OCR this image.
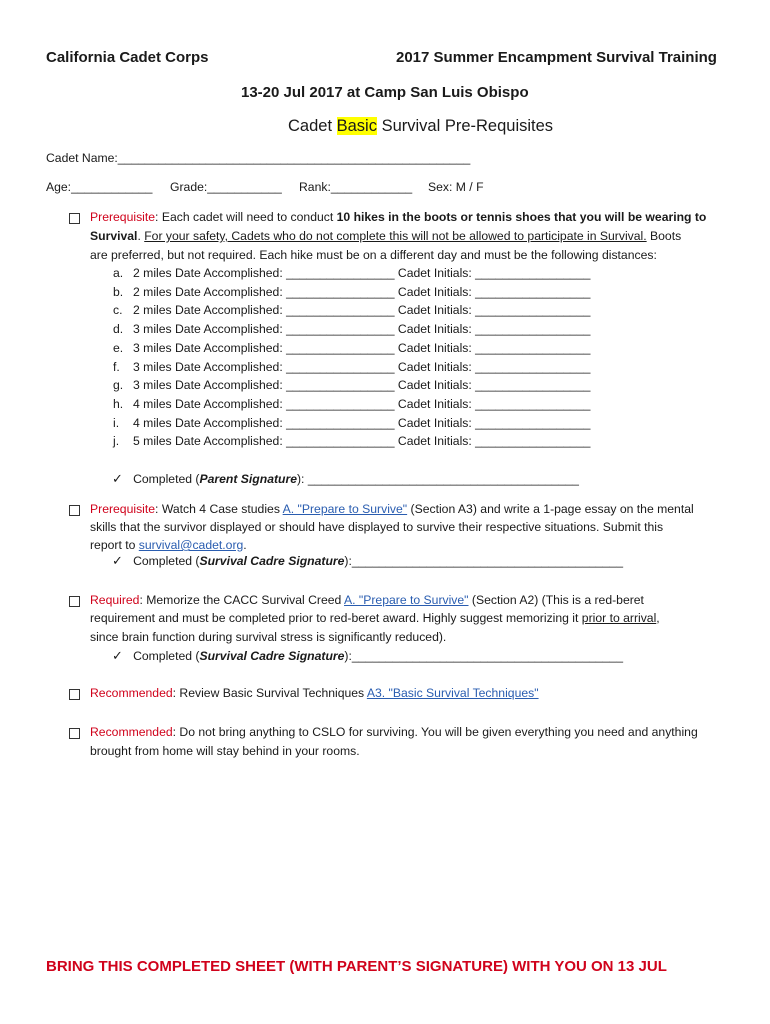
California Cadet Corps	2017 Summer Encampment Survival Training
13-20 Jul 2017 at Camp San Luis Obispo
Cadet Basic Survival Pre-Requisites
Cadet Name:____________________________________________________
Age:____________ Grade:___________ Rank:____________ Sex: M / F
Prerequisite: Each cadet will need to conduct 10 hikes in the boots or tennis shoes that you will be wearing to
Survival. For your safety, Cadets who do not complete this will not be allowed to participate in Survival. Boots
are preferred, but not required. Each hike must be on a different day and must be the following distances:
a. 2 miles Date Accomplished: ________________ Cadet Initials: _________________
b. 2 miles Date Accomplished: ________________ Cadet Initials: _________________
c. 2 miles Date Accomplished: ________________ Cadet Initials: _________________
d. 3 miles Date Accomplished: ________________ Cadet Initials: _________________
e. 3 miles Date Accomplished: ________________ Cadet Initials: _________________
f. 3 miles Date Accomplished: ________________ Cadet Initials: _________________
g. 3 miles Date Accomplished: ________________ Cadet Initials: _________________
h. 4 miles Date Accomplished: ________________ Cadet Initials: _________________
i. 4 miles Date Accomplished: ________________ Cadet Initials: _________________
j. 5 miles Date Accomplished: ________________ Cadet Initials: _________________
✓ Completed (Parent Signature): ________________________________________
Prerequisite: Watch 4 Case studies A. "Prepare to Survive" (Section A3) and write a 1-page essay on the mental
skills that the survivor displayed or should have displayed to survive their respective situations. Submit this
report to survival@cadet.org.
✓ Completed (Survival Cadre Signature):________________________________________
Required: Memorize the CACC Survival Creed A. "Prepare to Survive" (Section A2) (This is a red-beret
requirement and must be completed prior to red-beret award. Highly suggest memorizing it prior to arrival,
since brain function during survival stress is significantly reduced).
✓ Completed (Survival Cadre Signature):________________________________________
Recommended: Review Basic Survival Techniques A3. "Basic Survival Techniques"
Recommended: Do not bring anything to CSLO for surviving. You will be given everything you need and anything
brought from home will stay behind in your rooms.
BRING THIS COMPLETED SHEET (WITH PARENT’S SIGNATURE) WITH YOU ON 13 JUL
